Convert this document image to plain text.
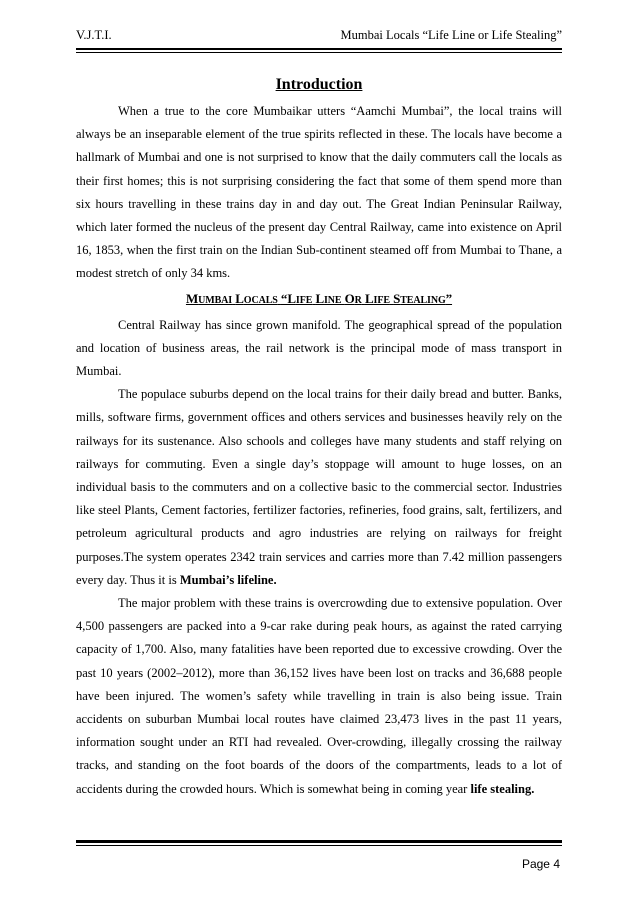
V.J.T.I.	Mumbai Locals “Life Line or Life Stealing”
Introduction

When a true to the core Mumbaikar utters “Aamchi Mumbai”, the local trains will always be an inseparable element of the true spirits reflected in these. The locals have become a hallmark of Mumbai and one is not surprised to know that the daily commuters call the locals as their first homes; this is not surprising considering the fact that some of them spend more than six hours travelling in these trains day in and day out. The Great Indian Peninsular Railway, which later formed the nucleus of the present day Central Railway, came into existence on April 16, 1853, when the first train on the Indian Sub-continent steamed off from Mumbai to Thane, a modest stretch of only 34 kms.

MUMBAI LOCALS “LIFE LINE OR LIFE STEALING”

Central Railway has since grown manifold. The geographical spread of the population and location of business areas, the rail network is the principal mode of mass transport in Mumbai.

The populace suburbs depend on the local trains for their daily bread and butter. Banks, mills, software firms, government offices and others services and businesses heavily rely on the railways for its sustenance. Also schools and colleges have many students and staff relying on railways for commuting. Even a single day’s stoppage will amount to huge losses, on an individual basis to the commuters and on a collective basic to the commercial sector. Industries like steel Plants, Cement factories, fertilizer factories, refineries, food grains, salt, fertilizers, and petroleum agricultural products and agro industries are relying on railways for freight purposes.The system operates 2342 train services and carries more than 7.42 million passengers every day. Thus it is Mumbai’s lifeline.

The major problem with these trains is overcrowding due to extensive population. Over 4,500 passengers are packed into a 9-car rake during peak hours, as against the rated carrying capacity of 1,700. Also, many fatalities have been reported due to excessive crowding. Over the past 10 years (2002–2012), more than 36,152 lives have been lost on tracks and 36,688 people have been injured. The women’s safety while travelling in train is also being issue. Train accidents on suburban Mumbai local routes have claimed 23,473 lives in the past 11 years, information sought under an RTI had revealed. Over-crowding, illegally crossing the railway tracks, and standing on the foot boards of the doors of the compartments, leads to a lot of accidents during the crowded hours. Which is somewhat being in coming year life stealing.

Page 4
